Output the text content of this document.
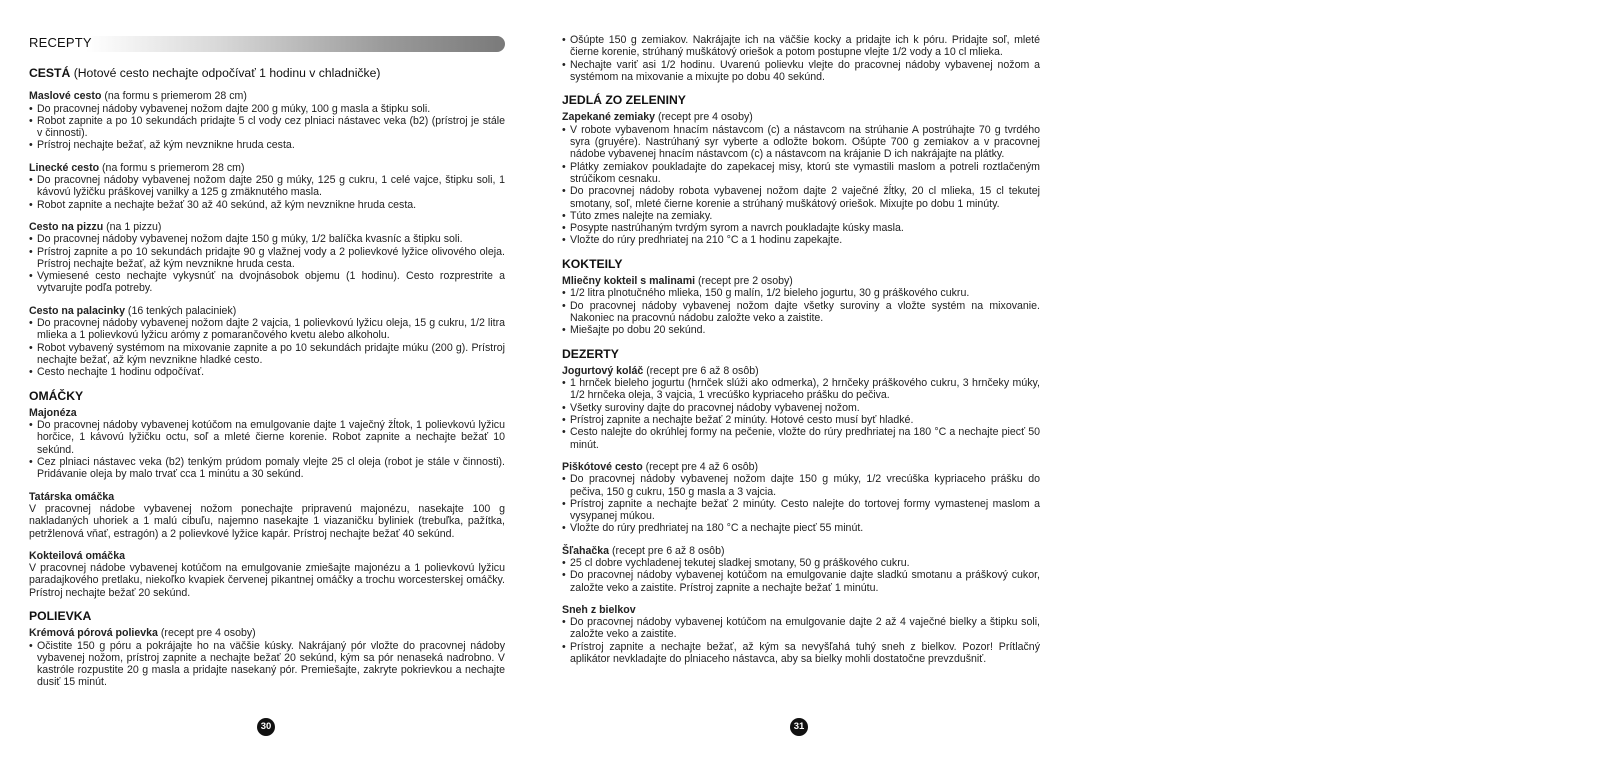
RECEPTY

CESTÁ (Hotové cesto nechajte odpočívať 1 hodinu v chladničke)

Maslové cesto (na formu s priemerom 28 cm)

• Do pracovnej nádoby vybavenej nožom dajte 200 g múky, 100 g masla a štipku soli.
• Robot zapnite a po 10 sekundách pridajte 5 cl vody cez plniaci nástavec veka (b2) (prístroj je stále v činnosti).
• Prístroj nechajte bežať, až kým nevznikne hruda cesta.

Linecké cesto (na formu s priemerom 28 cm)

• Do pracovnej nádoby vybavenej nožom dajte 250 g múky, 125 g cukru, 1 celé vajce, štipku soli, 1 kávovú lyžičku práškovej vanilky a 125 g zmäknutého masla.
• Robot zapnite a nechajte bežať 30 až 40 sekúnd, až kým nevznikne hruda cesta.

Cesto na pizzu (na 1 pizzu)

• Do pracovnej nádoby vybavenej nožom dajte 150 g múky, 1/2 balíčka kvasníc a štipku soli.
• Prístroj zapnite a po 10 sekundách pridajte 90 g vlažnej vody a 2 polievkové lyžice olivového oleja. Prístroj nechajte bežať, až kým nevznikne hruda cesta.
• Vymiesené cesto nechajte vykysnúť na dvojnásobok objemu (1 hodinu). Cesto rozprestrite a vytvarujte podľa potreby.

Cesto na palacinky (16 tenkých palaciniek)

• Do pracovnej nádoby vybavenej nožom dajte 2 vajcia, 1 polievkovú lyžicu oleja, 15 g cukru, 1/2 litra mlieka a 1 polievkovú lyžicu arómy z pomarančového kvetu alebo alkoholu.
• Robot vybavený systémom na mixovanie zapnite a po 10 sekundách pridajte múku (200 g). Prístroj nechajte bežať, až kým nevznikne hladké cesto.
• Cesto nechajte 1 hodinu odpočívať.

OMÁČKY

Majonéza

• Do pracovnej nádoby vybavenej kotúčom na emulgovanie dajte 1 vaječný žĺtok, 1 polievkovú lyžicu horčice, 1 kávovú lyžičku octu, soľ a mleté čierne korenie. Robot zapnite a nechajte bežať 10 sekúnd.
• Cez plniaci nástavec veka (b2) tenkým prúdom pomaly vlejte 25 cl oleja (robot je stále v činnosti). Pridávanie oleja by malo trvať cca 1 minútu a 30 sekúnd.

Tatárska omáčka

V pracovnej nádobe vybavenej nožom ponechajte pripravenú majonézu, nasekajte 100 g nakladaných uhoriek a 1 malú cibuľu, najemno nasekajte 1 viazaničku byliniek (trebuľka, pažítka, petržlenová vňať, estragón) a 2 polievkové lyžice kapár. Prístroj nechajte bežať 40 sekúnd.

Kokteilová omáčka

V pracovnej nádobe vybavenej kotúčom na emulgovanie zmiešajte majonézu a 1 polievkovú lyžicu paradajkového pretlaku, niekoľko kvapiek červenej pikantnej omáčky a trochu worcesterskej omáčky. Prístroj nechajte bežať 20 sekúnd.

POLIEVKA

Krémová pórová polievka (recept pre 4 osoby)

• Očistite 150 g póru a pokrájajte ho na väčšie kúsky. Nakrájaný pór vložte do pracovnej nádoby vybavenej nožom, prístroj zapnite a nechajte bežať 20 sekúnd, kým sa pór nenaseká nadrobno. V kastróle rozpustite 20 g masla a pridajte nasekaný pór. Premiešajte, zakryte pokrievkou a nechajte dusiť 15 minút.
• Ošúpte 150 g zemiakov. Nakrájajte ich na väčšie kocky a pridajte ich k póru. Pridajte soľ, mleté čierne korenie, strúhaný muškátový oriešok a potom postupne vlejte 1/2 vody a 10 cl mlieka.
• Nechajte variť asi 1/2 hodinu. Uvarenú polievku vlejte do pracovnej nádoby vybavenej nožom a systémom na mixovanie a mixujte po dobu 40 sekúnd.

JEDLÁ ZO ZELENINY

Zapekané zemiaky (recept pre 4 osoby)

• V robote vybavenom hnacím nástavcom (c) a nástavcom na strúhanie A postrúhajte 70 g tvrdého syra (gruyére). Nastrúhaný syr vyberte a odložte bokom. Ošúpte 700 g zemiakov a v pracovnej nádobe vybavenej hnacím nástavcom (c) a nástavcom na krájanie D ich nakrájajte na plátky.
• Plátky zemiakov poukladajte do zapekacej misy, ktorú ste vymastili maslom a potreli roztlačeným strúčikom cesnaku.
• Do pracovnej nádoby robota vybavenej nožom dajte 2 vaječné žĺtky, 20 cl mlieka, 15 cl tekutej smotany, soľ, mleté čierne korenie a strúhaný muškátový oriešok. Mixujte po dobu 1 minúty.
• Túto zmes nalejte na zemiaky.
• Posypte nastrúhaným tvrdým syrom a navrch poukladajte kúsky masla.
• Vložte do rúry predhriatej na 210 °C a 1 hodinu zapekajte.

KOKTEILY

Mliečny kokteil s malinami (recept pre 2 osoby)

• 1/2 litra plnotučného mlieka, 150 g malín, 1/2 bieleho jogurtu, 30 g práškového cukru.
• Do pracovnej nádoby vybavenej nožom dajte všetky suroviny a vložte systém na mixovanie. Nakoniec na pracovnú nádobu založte veko a zaistite.
• Miešajte po dobu 20 sekúnd.

DEZERTY

Jogurtový koláč (recept pre 6 až 8 osôb)

• 1 hrnček bieleho jogurtu (hrnček slúži ako odmerka), 2 hrnčeky práškového cukru, 3 hrnčeky múky, 1/2 hrnčeka oleja, 3 vajcia, 1 vrecúško kypriaceho prášku do pečiva.
• Všetky suroviny dajte do pracovnej nádoby vybavenej nožom.
• Prístroj zapnite a nechajte bežať 2 minúty. Hotové cesto musí byť hladké.
• Cesto nalejte do okrúhlej formy na pečenie, vložte do rúry predhriatej na 180 °C a nechajte piecť 50 minút.

Piškótové cesto (recept pre 4 až 6 osôb)

• Do pracovnej nádoby vybavenej nožom dajte 150 g múky, 1/2 vrecúška kypriaceho prášku do pečiva, 150 g cukru, 150 g masla a 3 vajcia.
• Prístroj zapnite a nechajte bežať 2 minúty. Cesto nalejte do tortovej formy vymastenej maslom a vysypanej múkou.
• Vložte do rúry predhriatej na 180 °C a nechajte piecť 55 minút.

Šľahačka (recept pre 6 až 8 osôb)

• 25 cl dobre vychladenej tekutej sladkej smotany, 50 g práškového cukru.
• Do pracovnej nádoby vybavenej kotúčom na emulgovanie dajte sladkú smotanu a práškový cukor, založte veko a zaistite. Prístroj zapnite a nechajte bežať 1 minútu.

Sneh z bielkov

• Do pracovnej nádoby vybavenej kotúčom na emulgovanie dajte 2 až 4 vaječné bielky a štipku soli, založte veko a zaistite.
• Prístroj zapnite a nechajte bežať, až kým sa nevyšľahá tuhý sneh z bielkov. Pozor! Prítlačný aplikátor nevkladajte do plniaceho nástavca, aby sa bielky mohli dostatočne prevzdušniť.
30	31
